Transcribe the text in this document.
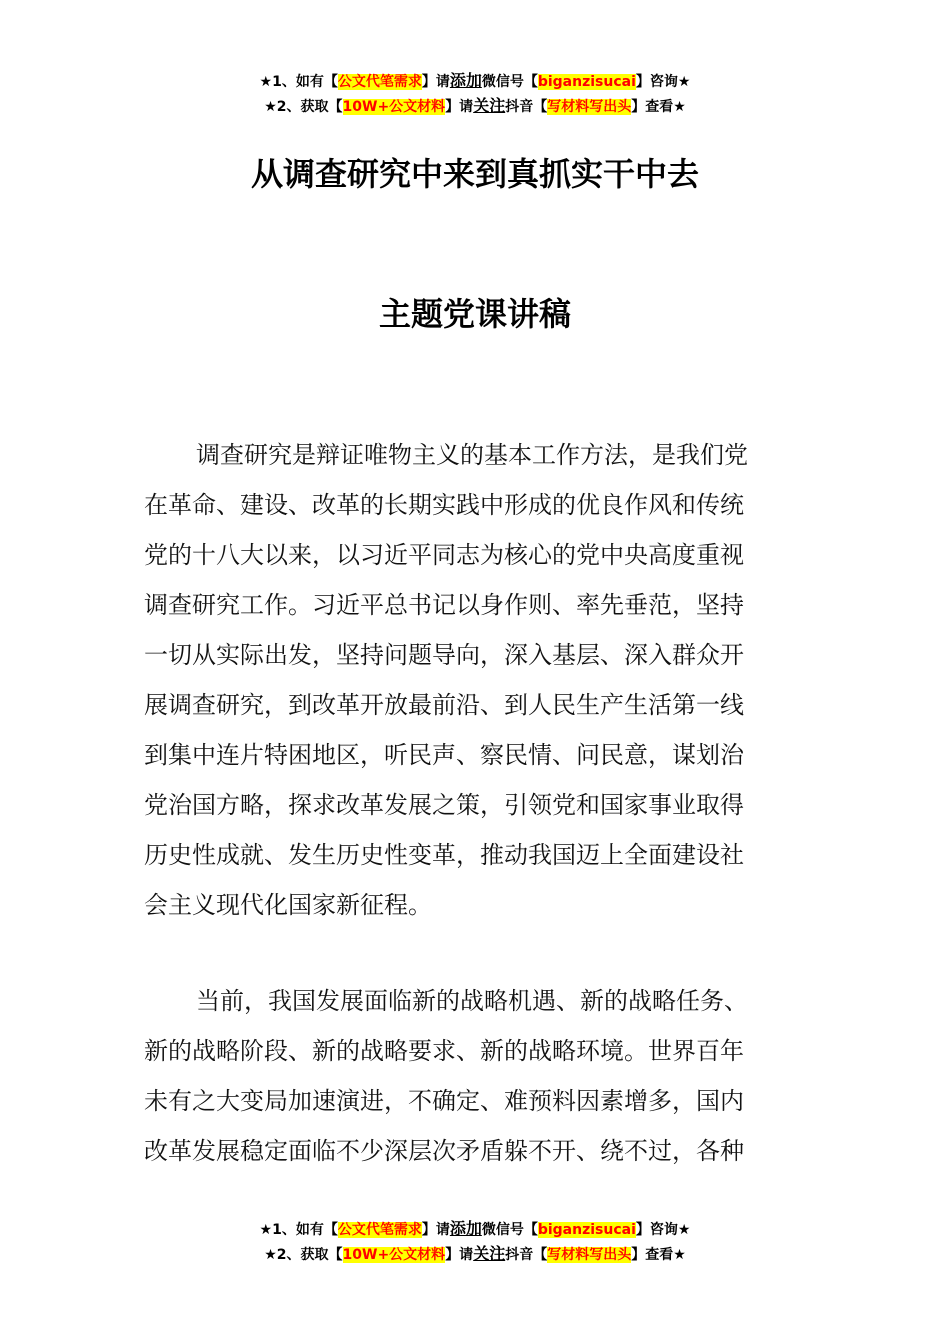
★1、如有【公文代笔需求】请添加微信号【biganzisucai】咨询★
★2、获取【10W+公文材料】请关注抖音【写材料写出头】查看★
从调查研究中来到真抓实干中去
主题党课讲稿
调查研究是辩证唯物主义的基本工作方法，是我们党
在革命、建设、改革的长期实践中形成的优良作风和传统
党的十八大以来，以习近平同志为核心的党中央高度重视
调查研究工作。习近平总书记以身作则、率先垂范，坚持
一切从实际出发，坚持问题导向，深入基层、深入群众开
展调查研究，到改革开放最前沿、到人民生产生活第一线
到集中连片特困地区，听民声、察民情、问民意，谋划治
党治国方略，探求改革发展之策，引领党和国家事业取得
历史性成就、发生历史性变革，推动我国迈上全面建设社
会主义现代化国家新征程。
当前，我国发展面临新的战略机遇、新的战略任务、
新的战略阶段、新的战略要求、新的战略环境。世界百年
未有之大变局加速演进，不确定、难预料因素增多，国内
改革发展稳定面临不少深层次矛盾躲不开、绕不过，各种
★1、如有【公文代笔需求】请添加微信号【biganzisucai】咨询★
★2、获取【10W+公文材料】请关注抖音【写材料写出头】查看★
